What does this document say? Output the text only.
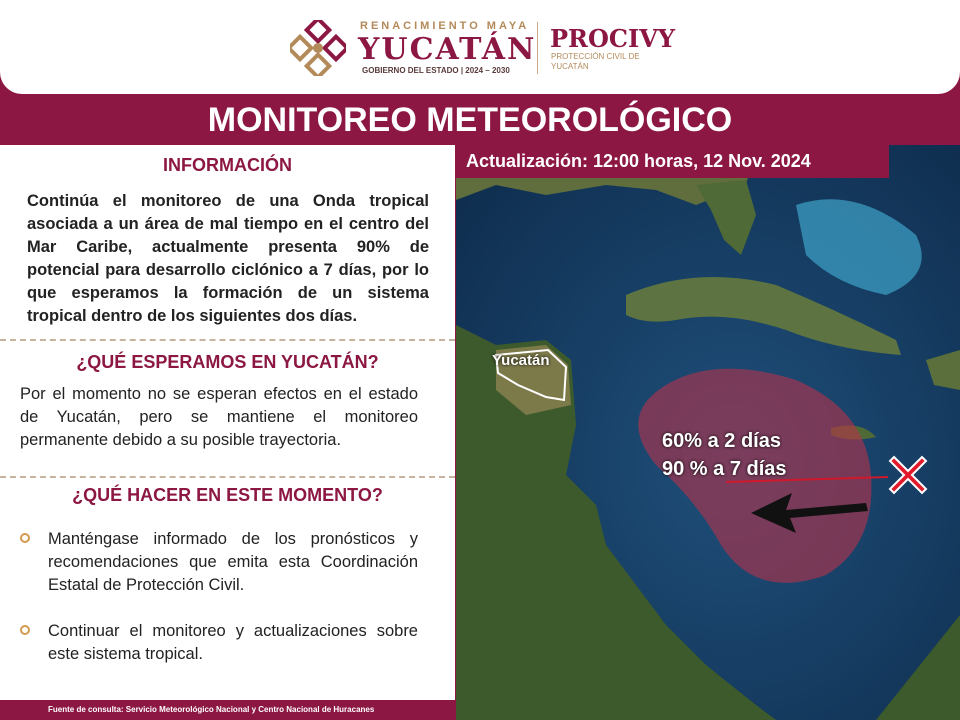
RENACIMIENTO MAYA
YUCATÁN
GOBIERNO DEL ESTADO | 2024 – 2030
PROCIVY
PROTECCIÓN CIVIL DE YUCATÁN
MONITOREO METEOROLÓGICO
INFORMACIÓN
Continúa el monitoreo de una Onda tropical asociada a un área de mal tiempo en el centro del Mar Caribe, actualmente presenta 90% de potencial para desarrollo ciclónico a 7 días, por lo que esperamos la formación de un sistema tropical dentro de los siguientes dos días.
¿QUÉ ESPERAMOS EN YUCATÁN?
Por el momento no se esperan efectos en el estado de Yucatán, pero se mantiene el monitoreo permanente debido a su posible trayectoria.
¿QUÉ HACER EN ESTE MOMENTO?
Manténgase informado de los pronósticos y recomendaciones que emita esta Coordinación Estatal de Protección Civil.
Continuar el monitoreo y actualizaciones sobre este sistema tropical.
Fuente de consulta: Servicio Meteorológico Nacional y Centro Nacional de Huracanes
Yucatán
60% a 2 días
90 % a 7 días
Actualización: 12:00 horas, 12 Nov. 2024
